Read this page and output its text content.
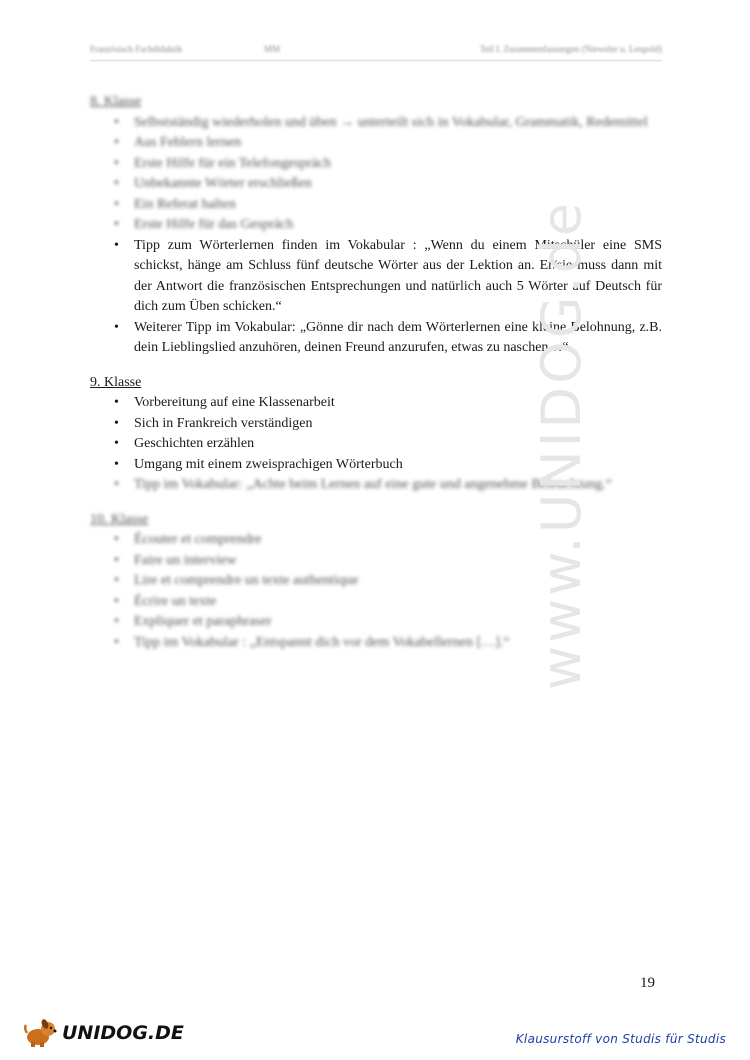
Französisch Fachdidaktik	MM	Teil I. Zusammenfassungen (Nieweler u. Leupold)

8. Klasse

• Selbstständig wiederholen und üben → unterteilt sich in Vokabular, Grammatik, Redemittel
• Aus Fehlern lernen
• Erste Hilfe für ein Telefongespräch
• Unbekannte Wörter erschließen
• Ein Referat halten
• Erste Hilfe für das Gespräch
• Tipp zum Wörterlernen finden im Vokabular : „Wenn du einem Mitschüler eine SMS schickst, hänge am Schluss fünf deutsche Wörter aus der Lektion an. Er/sie muss dann mit der Antwort die französischen Entsprechungen und natürlich auch 5 Wörter auf Deutsch für dich zum Üben schicken.“
• Weiterer Tipp im Vokabular: „Gönne dir nach dem Wörterlernen eine kleine Belohnung, z.B. dein Lieblingslied anzuhören, deinen Freund anzurufen, etwas zu naschen…“

9. Klasse

• Vorbereitung auf eine Klassenarbeit
• Sich in Frankreich verständigen
• Geschichten erzählen
• Umgang mit einem zweisprachigen Wörterbuch
• Tipp im Vokabular: „Achte beim Lernen auf eine gute und angenehme Beleuchtung.“

10. Klasse

• Écouter et comprendre
• Faire un interview
• Lire et comprendre un texte authentique
• Écrire un texte
• Expliquer et paraphraser
• Tipp im Vokabular : „Entspannt dich vor dem Vokabellernen […].“ www.UNIDOG.de
19
UNIDOG.DE	Klausurstoff von Studis für Studis
